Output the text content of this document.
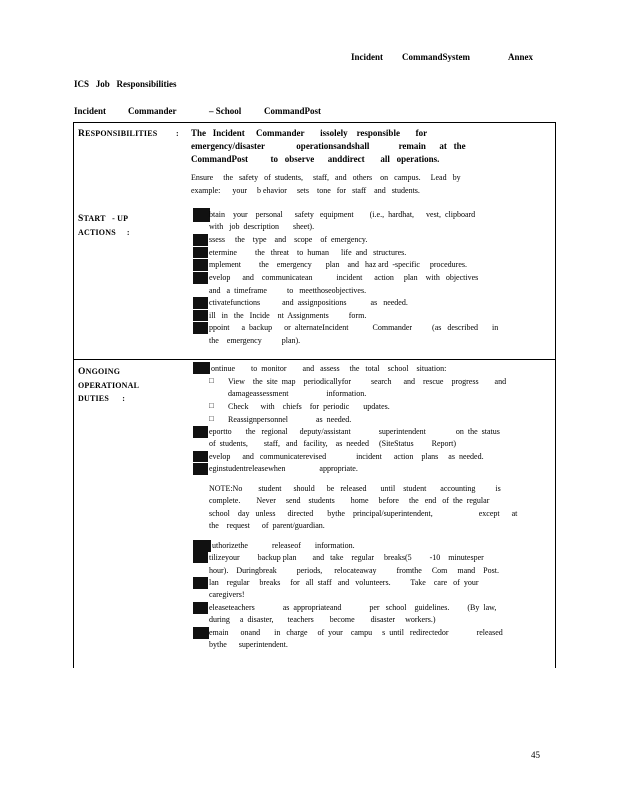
Incident CommandSystem	Annex
ICS   Job   Responsibilities
Incident Commander	– School	CommandPost
RESPONSIBILITIES : The   Incident     Commander       issolely    responsible       for
emergency/disaster              operationsandshall             remain      at   the
CommandPost          to   observe      anddirect       all   operations.
Ensure     the   safety   of  students,     staff,   and   others    on   campus.     Lead   by
example:      your     b ehavior     sets    tone   for   staff    and   students.
START   - UP
ACTIONS     :
btain    your    personal      safety   equipment        (i.e.,  hardhat,      vest,  clipboard
with   job  description       sheet).
ssess     the    type    and    scope    of  emergency.
etermine         the   threat    to  human      life  and   structures.
mplement         the    emergency       plan    and   haz ard  -specific     procedures.
evelop      and    communicatean            incident      action     plan    with   objectives
and   a  timeframe          to   meetthoseobjectives.
ctivatefunctions           and  assignpositions            as   needed.
ill   in   the   Incide    nt  Assignments          form.
ppoint      a  backup      or  alternateIncident            Commander          (as   described       in
the    emergency          plan).
ONGOING
OPERATIONAL
DUTIES      :
ontinue        to  monitor        and   assess     the   total    school    situation:
□ View    the  site  map    periodicallyfor          search      and    rescue    progress        and
damageassessment                   information.
□ Check      with    chiefs    for  periodic       updates.
□ Reassignpersonnel              as  needed.
eportto       the   regional      deputy/assistant              superintendent               on  the  status
of  students,        staff,   and   facility,    as  needed     (SiteStatus         Report)
evelop      and   communicaterevised               incident      action    plans     as  needed.
eginstudentreleasewhen                 appropriate.
NOTE:No        student      should      be   released       until    student       accounting          is
complete.        Never     send    students        home     before     the   end   of  the  regular
school    day   unless      directed       bythe    principal/superintendent,                       except      at
the    request      of  parent/guardian.
uthorizethe            releaseof       information.
tilizeyour         backup plan        and   take    regular     breaks(5         -10    minutesper
hour).    Duringbreak          periods,      relocateaway          fromthe     Com     mand    Post.
lan    regular     breaks     for   all  staff   and   volunteers.          Take    care   of  your
caregivers!
eleaseteachers              as  appropriateand              per   school    guidelines.         (By  law,
during     a  disaster,       teachers        become        disaster     workers.)
emain      onand       in   charge     of  your    campu     s  until   redirectedor              released
bythe      superintendent.
45
